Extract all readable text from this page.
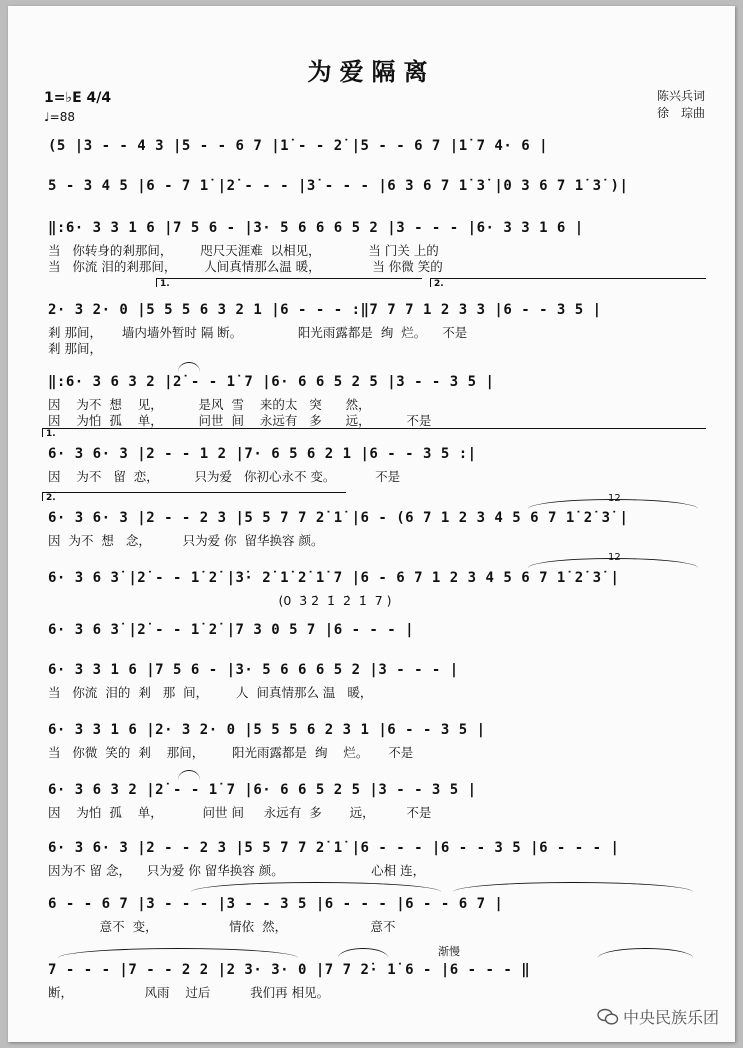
为爱隔离
1=♭E 4/4
♩=88
陈兴兵词
徐　琮曲
(5 |3 - - 4 3 |5 - - 6 7 |1̇ - - 2̇ |5 - - 6 7 |1̇ 7 4· 6 |
5 - 3 4 5 |6 - 7 1̇ |2̇ - - - |3̇ - - - |6 3 6 7 1̇ 3̇ |0 3 6 7 1̇ 3̇ )|
‖:6· 3 3 1 6 |7 5 6 - |3· 5 6 6 6 5 2 |3 - - - |6· 3 3 1 6 |
当   你转身的剎那间，       咫尺天涯难  以相见，            当 门关 上的
当   你流 泪的剎那间，       人间真情那么温 暖，             当 你微 笑的
2· 3 2· 0 |5 5 5 6 3 2 1 |6 - - - :‖7 7 7 1 2 3 3 |6 - - 3 5 |
剎 那间，     墙内墙外暂时 隔 断。              阳光雨露都是  绚  烂。    不是
剎 那间，
‖:6· 3 6 3 2 |2̇ - - 1̇ 7 |6· 6 6 5 2 5 |3 - - 3 5 |
因    为不  想    见，         是风  雪    来的太   突      然，
因    为怕  孤    单，         问世  间    永远有   多      远，         不是
6· 3 6· 3 |2 - - 1 2 |7· 6 5 6 2 1 |6 - - 3 5 :|
因    为不   留  恋，         只为爱   你初心永不 变。          不是
6· 3 6· 3 |2 - - 2 3 |5 5 7 7 2̇ 1̇ |6 - (6 7 1 2 3 4 5 6 7 1̇ 2̇ 3̇ |
因  为不  想   念，        只为爱 你  留华换容 颜。
6· 3 6 3̇ |2̇ - - 1̇ 2̇ |3̇· 2̇ 1̇ 2̇ 1̇ 7 |6 - 6 7 1 2 3 4 5 6 7 1̇ 2̇ 3̇ |
(0  3̇ 2̇  1̇  2̇  1̇  7 )
6· 3 6 3̇ |2̇ - - 1̇ 2̇ |7 3 0 5 7 |6 - - - |
6· 3 3 1 6 |7 5 6 - |3· 5 6 6 6 5 2 |3 - - - |
当   你流  泪的  剎   那  间，       人  间真情那么 温   暖，
6· 3 3 1 6 |2· 3 2· 0 |5 5 5 6 2 3 1 |6 - - 3 5 |
当   你微  笑的  剎    那间，       阳光雨露都是  绚    烂。     不是
6· 3 6 3 2 |2̇ - - 1̇ 7 |6· 6 6 5 2 5 |3 - - 3 5 |
因    为怕  孤    单，          问世 间     永远有  多       远，        不是
6· 3 6· 3 |2 - - 2 3 |5 5 7 7 2̇ 1̇ |6 - - - |6 - - 3 5 |6 - - - |
因为不 留 念，    只为爱 你 留华换容 颜。                      心相 连，
6 - - 6 7 |3 - - - |3 - - 3 5 |6 - - - |6 - - 6 7 |
意不  变，                  情依  然，                     意不
7 - - - |7 - - 2 2 |2 3· 3· 0 |7 7 2̇· 1̇ 6 - |6 - - - ‖
断，                  风雨    过后          我们再 相见。
1.	2.
1.
2.	12
12
渐慢
中央民族乐团
